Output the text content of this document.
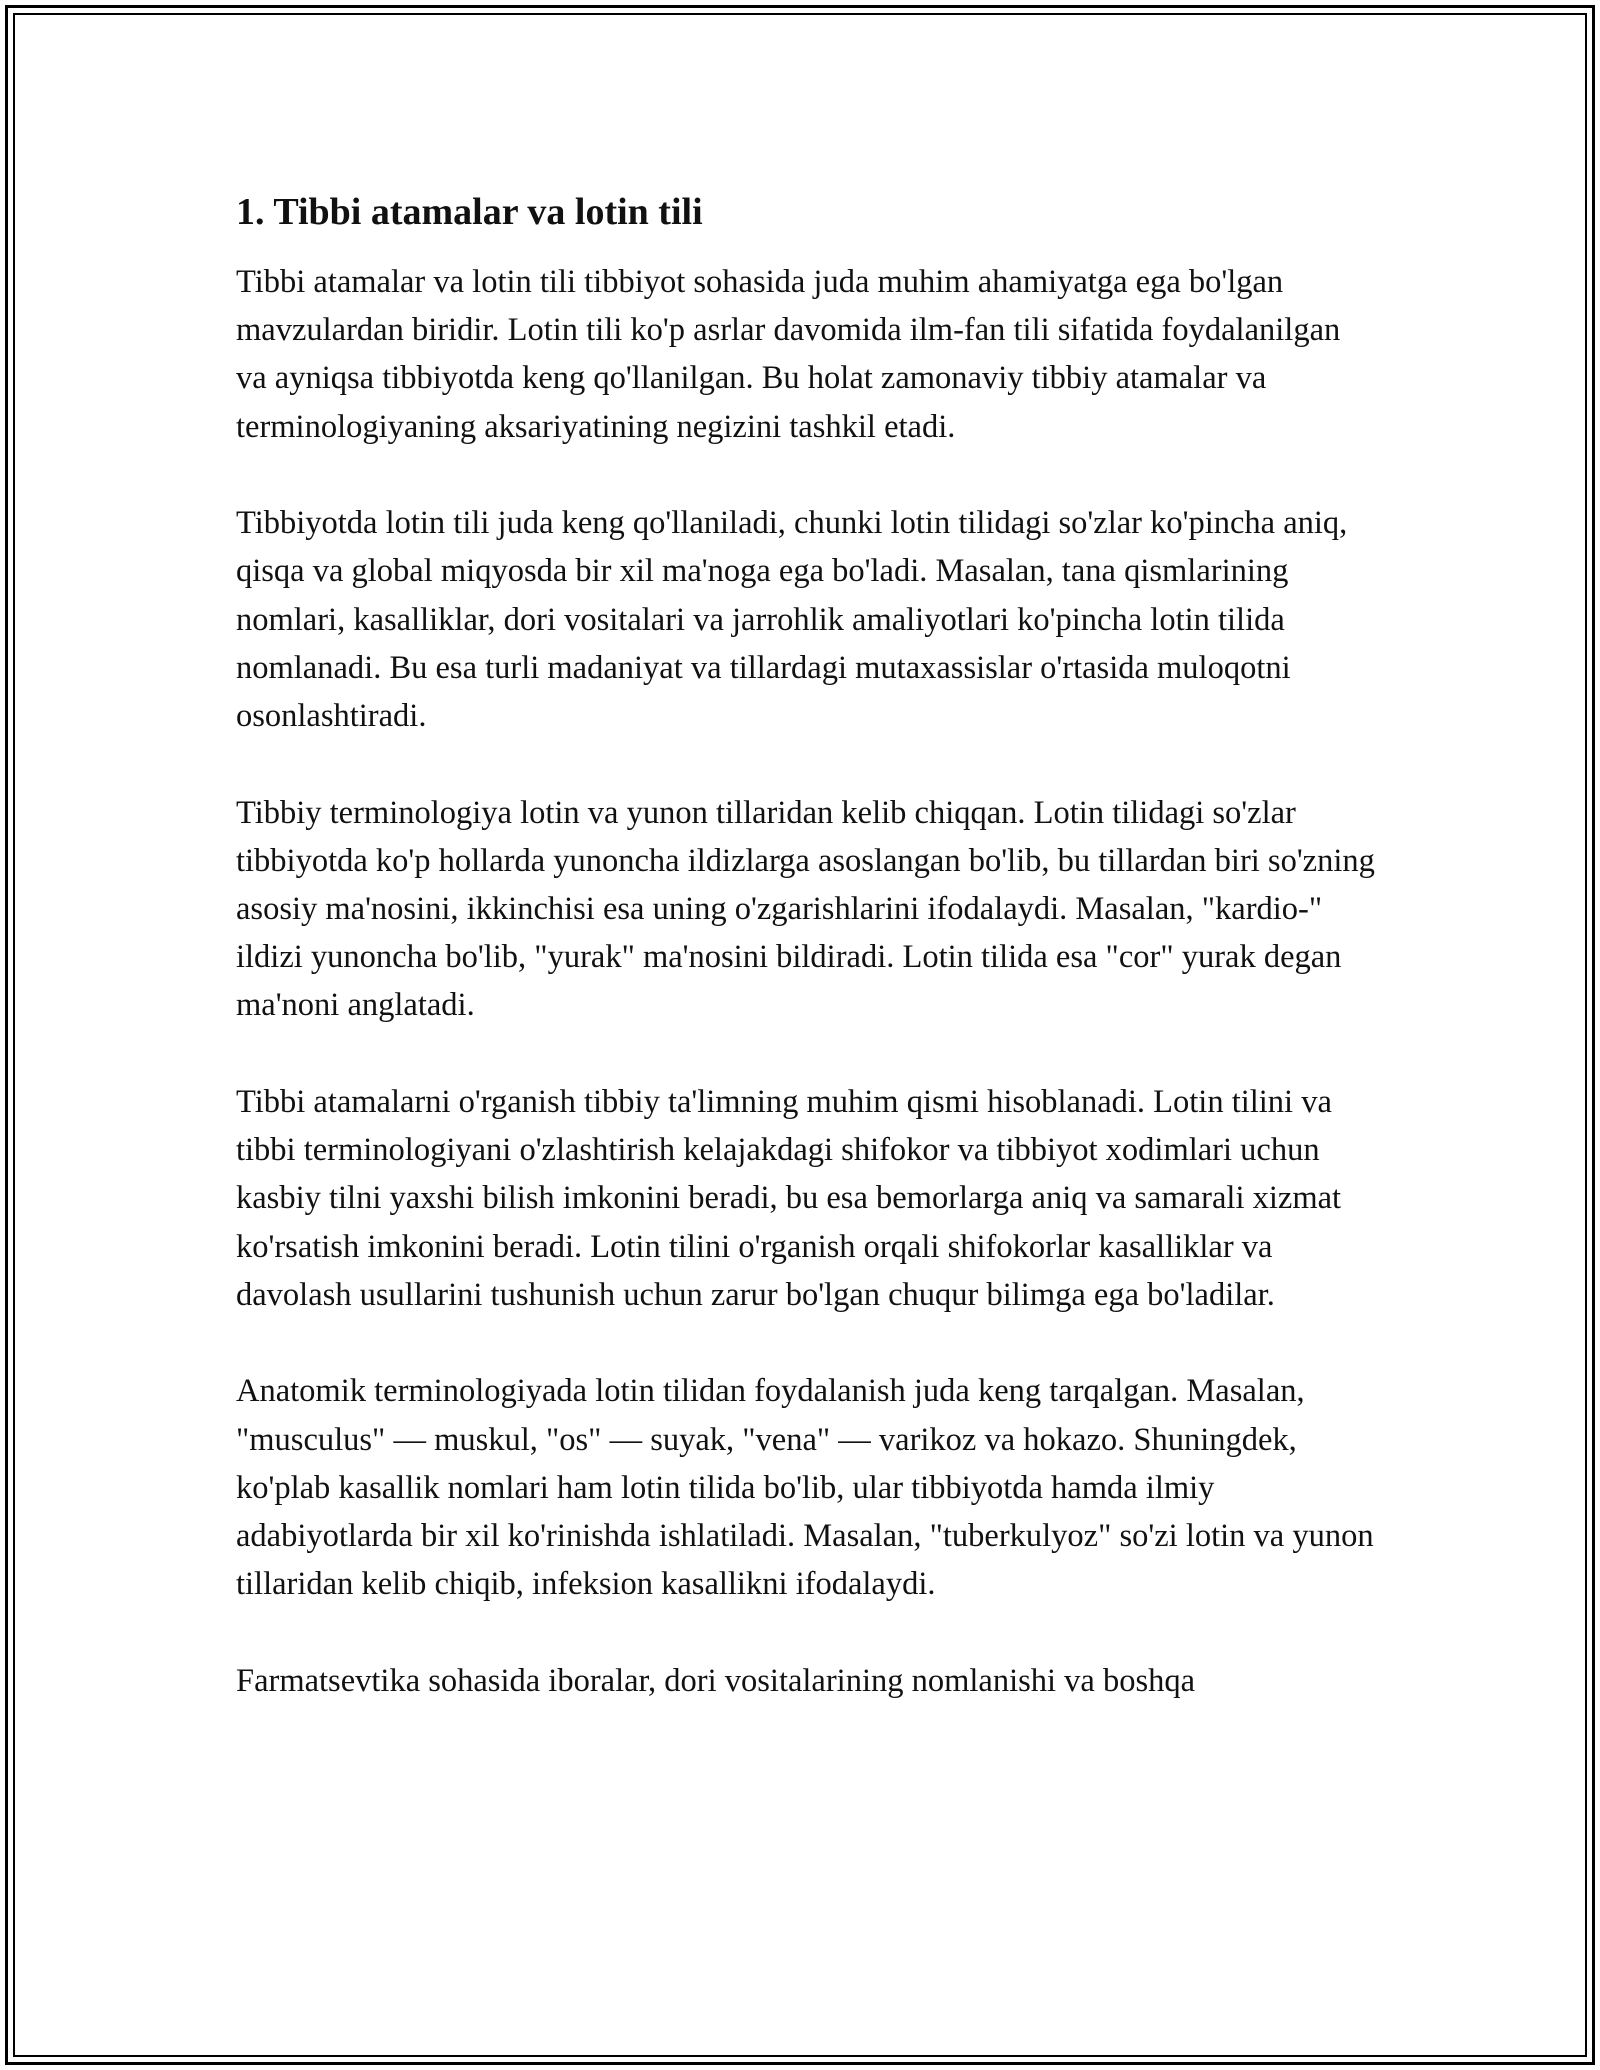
1. Tibbi atamalar va lotin tili

Tibbi atamalar va lotin tili tibbiyot sohasida juda muhim ahamiyatga ega bo'lgan mavzulardan biridir. Lotin tili ko'p asrlar davomida ilm-fan tili sifatida foydalanilgan va ayniqsa tibbiyotda keng qo'llanilgan. Bu holat zamonaviy tibbiy atamalar va terminologiyaning aksariyatining negizini tashkil etadi.

Tibbiyotda lotin tili juda keng qo'llaniladi, chunki lotin tilidagi so'zlar ko'pincha aniq, qisqa va global miqyosda bir xil ma'noga ega bo'ladi. Masalan, tana qismlarining nomlari, kasalliklar, dori vositalari va jarrohlik amaliyotlari ko'pincha lotin tilida nomlanadi. Bu esa turli madaniyat va tillardagi mutaxassislar o'rtasida muloqotni osonlashtiradi.

Tibbiy terminologiya lotin va yunon tillaridan kelib chiqqan. Lotin tilidagi so'zlar tibbiyotda ko'p hollarda yunoncha ildizlarga asoslangan bo'lib, bu tillardan biri so'zning asosiy ma'nosini, ikkinchisi esa uning o'zgarishlarini ifodalaydi. Masalan, "kardio-" ildizi yunoncha bo'lib, "yurak" ma'nosini bildiradi. Lotin tilida esa "cor" yurak degan ma'noni anglatadi.

Tibbi atamalarni o'rganish tibbiy ta'limning muhim qismi hisoblanadi. Lotin tilini va tibbi terminologiyani o'zlashtirish kelajakdagi shifokor va tibbiyot xodimlari uchun kasbiy tilni yaxshi bilish imkonini beradi, bu esa bemorlarga aniq va samarali xizmat ko'rsatish imkonini beradi. Lotin tilini o'rganish orqali shifokorlar kasalliklar va davolash usullarini tushunish uchun zarur bo'lgan chuqur bilimga ega bo'ladilar.

Anatomik terminologiyada lotin tilidan foydalanish juda keng tarqalgan. Masalan, "musculus" — muskul, "os" — suyak, "vena" — varikoz va hokazo. Shuningdek, ko'plab kasallik nomlari ham lotin tilida bo'lib, ular tibbiyotda hamda ilmiy adabiyotlarda bir xil ko'rinishda ishlatiladi. Masalan, "tuberkulyoz" so'zi lotin va yunon tillaridan kelib chiqib, infeksion kasallikni ifodalaydi.

Farmatsevtika sohasida iboralar, dori vositalarining nomlanishi va boshqa
